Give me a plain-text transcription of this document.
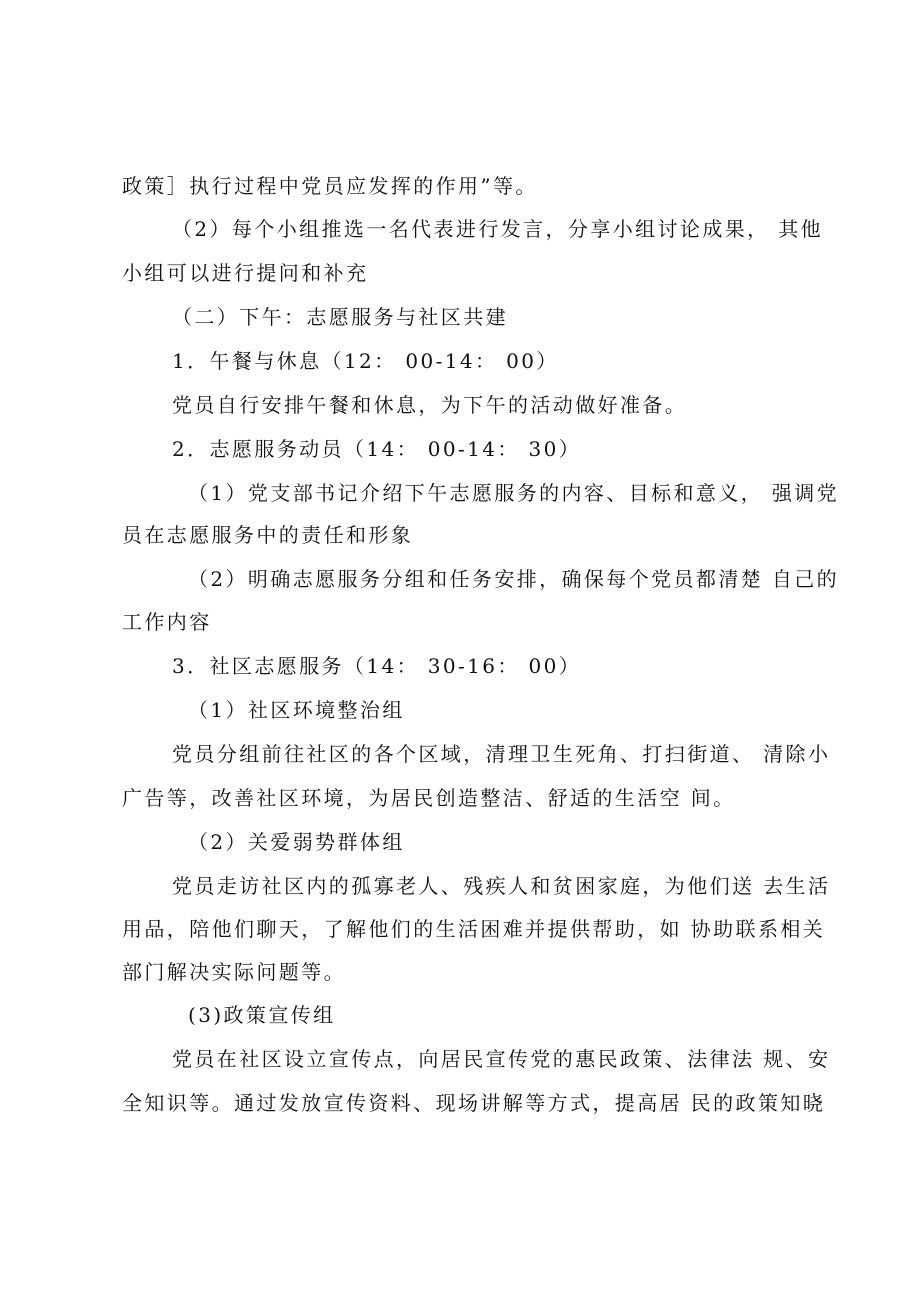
政策］执行过程中党员应发挥的作用”等。
（2）每个小组推选一名代表进行发言，分享小组讨论成果， 其他
小组可以进行提问和补充
（二）下午：志愿服务与社区共建
1．午餐与休息（12： 00-14： 00）
党员自行安排午餐和休息，为下午的活动做好准备。
2．志愿服务动员（14： 00-14： 30）
（1）党支部书记介绍下午志愿服务的内容、目标和意义， 强调党
员在志愿服务中的责任和形象
（2）明确志愿服务分组和任务安排，确保每个党员都清楚 自己的
工作内容
3．社区志愿服务（14： 30-16： 00）
（1）社区环境整治组
党员分组前往社区的各个区域，清理卫生死角、打扫街道、 清除小
广告等，改善社区环境，为居民创造整洁、舒适的生活空 间。
（2）关爱弱势群体组
党员走访社区内的孤寡老人、残疾人和贫困家庭，为他们送 去生活
用品，陪他们聊天，了解他们的生活困难并提供帮助，如 协助联系相关
部门解决实际问题等。
(3)政策宣传组
党员在社区设立宣传点，向居民宣传党的惠民政策、法律法 规、安
全知识等。通过发放宣传资料、现场讲解等方式，提高居 民的政策知晓
